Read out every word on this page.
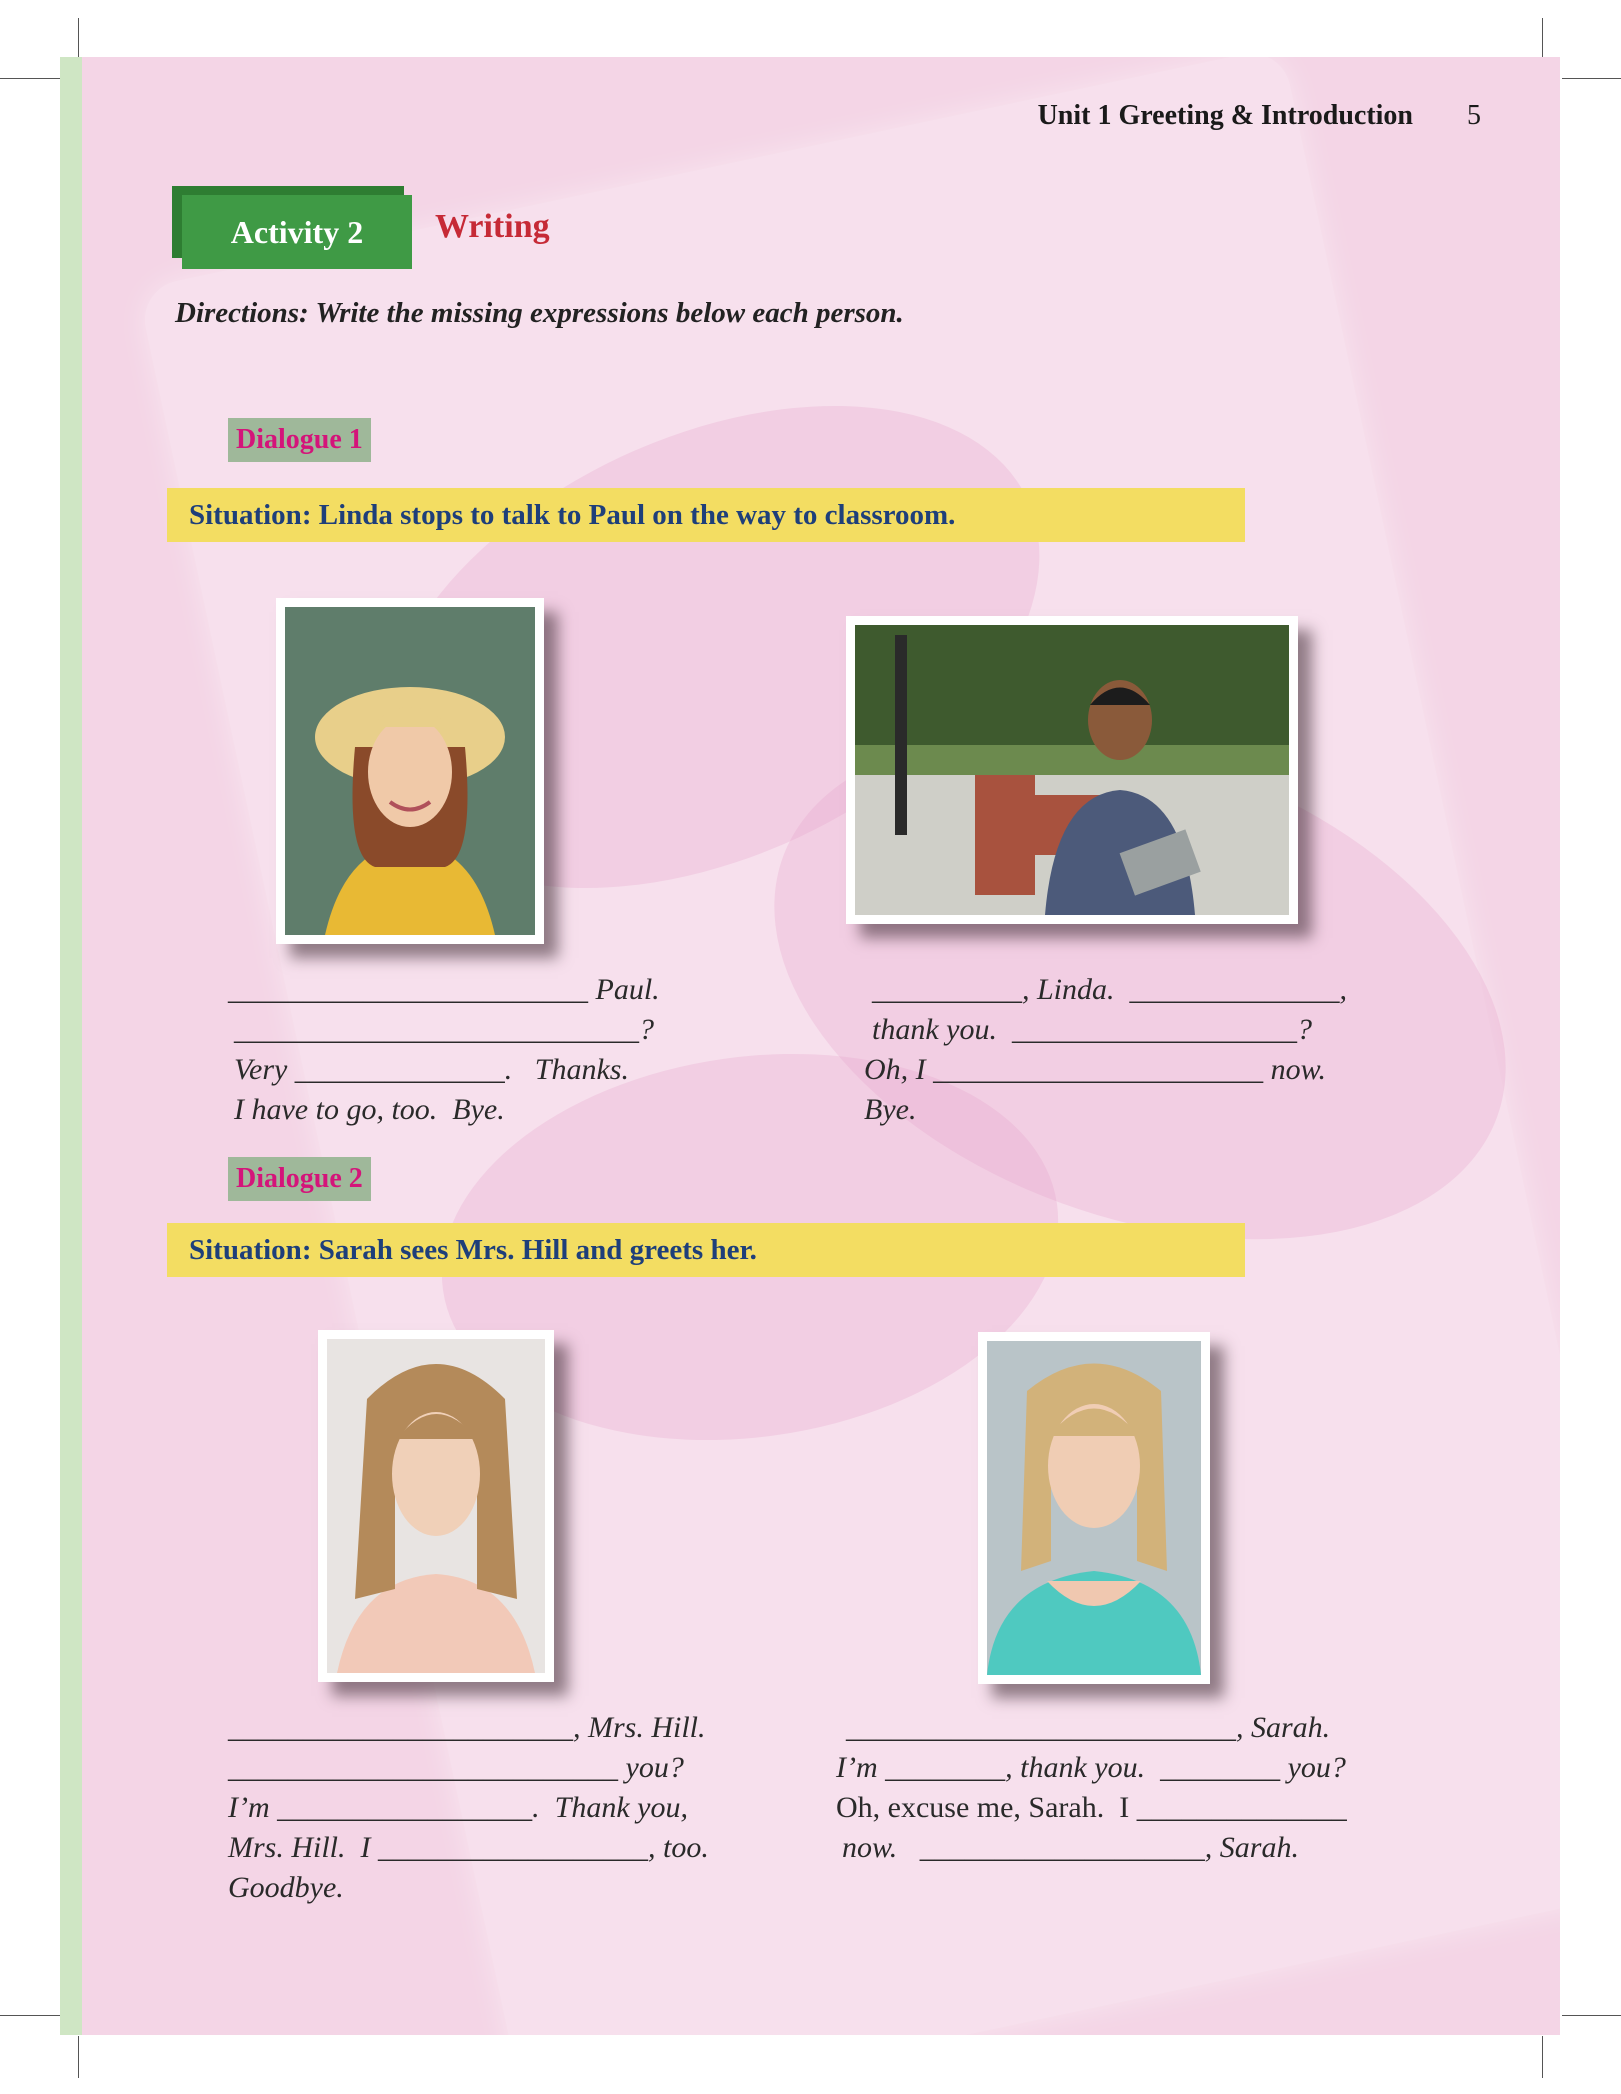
Unit 1 Greeting & Introduction 5
Activity 2	Writing
Directions: Write the missing expressions below each person.
Dialogue 1
Situation: Linda stops to talk to Paul on the way to classroom.
________________________ Paul.
___________________________?
Very ______________.   Thanks.
I have to go, too.  Bye.
__________, Linda.  ______________,
thank you.  ___________________?
Oh, I ______________________ now.
Bye.
Dialogue 2
Situation: Sarah sees Mrs. Hill and greets her.
_______________________, Mrs. Hill.
__________________________ you?
I’m _________________.  Thank you,
Mrs. Hill.  I __________________, too.
Goodbye.
__________________________, Sarah.
I’m ________, thank you.  ________ you?
Oh, excuse me, Sarah.  I ______________
now.   ___________________, Sarah.
